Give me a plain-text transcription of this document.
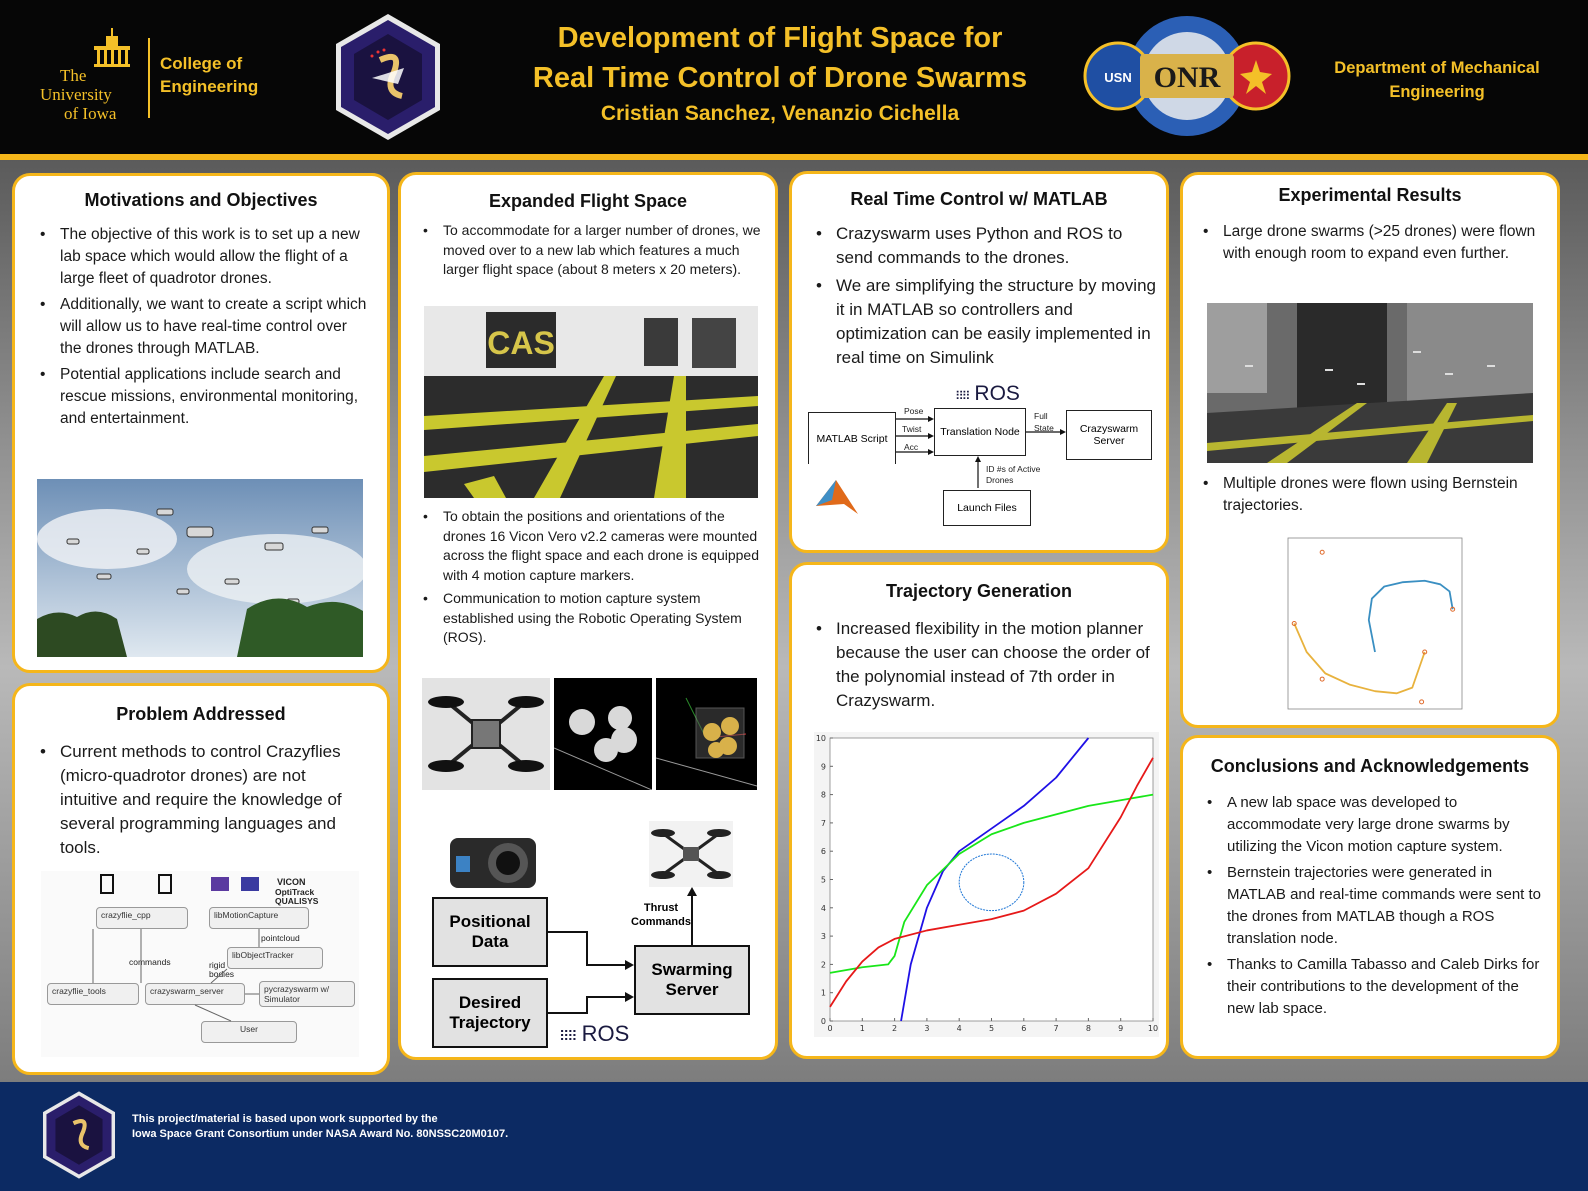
The
University
of Iowa
College of Engineering
Development of Flight Space for
Real Time Control of Drone Swarms
Cristian Sanchez, Venanzio Cichella
ONR
USN
Department of Mechanical Engineering
Motivations and Objectives
• The objective of this work is to set up a new lab space which would allow the flight of a large fleet of quadrotor drones.
• Additionally, we want to create a script which will allow us to have real-time control over the drones through MATLAB.
• Potential applications include search and rescue missions, environmental monitoring, and entertainment.
Problem Addressed
• Current methods to control Crazyflies (micro-quadrotor drones) are not intuitive and require the knowledge of several programming languages and tools.
crazyflie_cpp	libMotionCapture
libObjectTracker
crazyflie_tools	crazyswarm_server	pycrazyswarm w/ Simulator
User
commands
pointcloud
rigid bodies
VICON
OptiTrack
QUALISYS
Expanded Flight Space
• To accommodate for a larger number of drones, we moved over to a new lab which features a much larger flight space (about 8 meters x 20 meters).
CAS
• To obtain the positions and orientations of the drones 16 Vicon Vero v2.2 cameras were mounted across the flight space and each drone is equipped with 4 motion capture markers.
• Communication to motion capture system established using the Robotic Operating System (ROS).
Positional Data
Desired Trajectory
Swarming Server
Thrust Commands
⠿⠿ ROS
Real Time Control w/ MATLAB
• Crazyswarm uses Python and ROS to send commands to the drones.
• We are simplifying the structure by moving it in MATLAB so controllers and optimization can be easily implemented in real time on Simulink
⠿⠿ ROS
MATLAB Script
Translation Node	Crazyswarm Server
Launch Files
Pose
Twist
Acc
Full State
ID #s of Active Drones
Trajectory Generation
• Increased flexibility in the motion planner because the user can choose the order of the polynomial instead of 7th order in Crazyswarm.
0	1	2	3	4	5	6	7	8	9	10
0
1
2
3
4
5
6
7
8
9
10
Experimental Results
• Large drone swarms (>25 drones) were flown with enough room to expand even further.
• Multiple drones were flown using Bernstein trajectories.
Conclusions and Acknowledgements
• A new lab space was developed to accommodate very large drone swarms by utilizing the Vicon motion capture system.
• Bernstein trajectories were generated in MATLAB and real-time commands were sent to the drones from MATLAB though a ROS translation node.
• Thanks to Camilla Tabasso and Caleb Dirks for their contributions to the development of the new lab space.
This project/material is based upon work supported by the
Iowa Space Grant Consortium under NASA Award No. 80NSSC20M0107.
